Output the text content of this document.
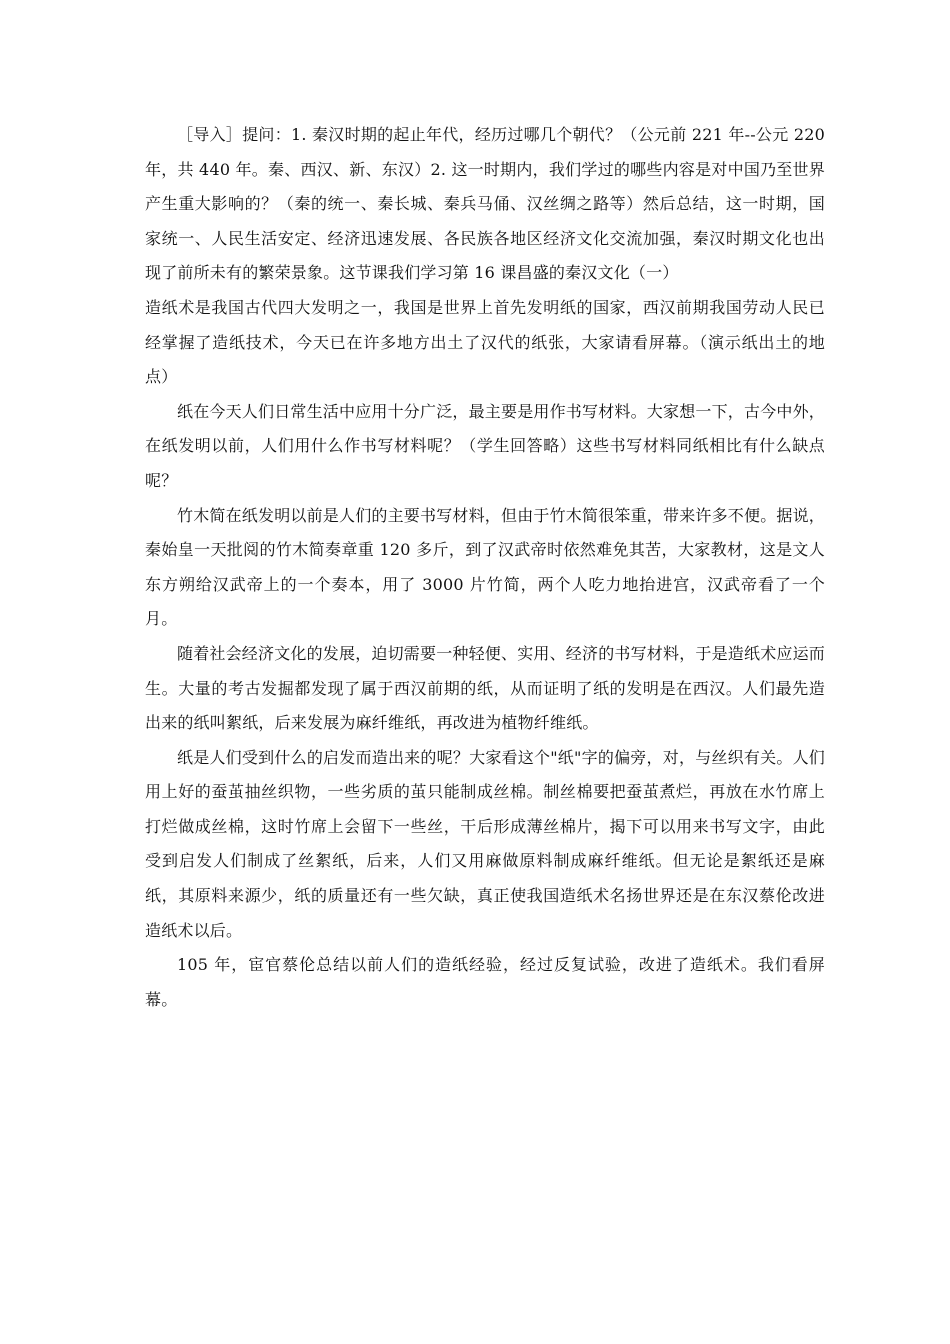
［导入］提问：1. 秦汉时期的起止年代，经历过哪几个朝代？（公元前 221 年--公元 220 年，共 440 年。秦、西汉、新、东汉）2. 这一时期内，我们学过的哪些内容是对中国乃至世界产生重大影响的？（秦的统一、秦长城、秦兵马俑、汉丝绸之路等）然后总结，这一时期，国家统一、人民生活安定、经济迅速发展、各民族各地区经济文化交流加强，秦汉时期文化也出现了前所未有的繁荣景象。这节课我们学习第 16 课昌盛的秦汉文化（一）

造纸术是我国古代四大发明之一，我国是世界上首先发明纸的国家，西汉前期我国劳动人民已经掌握了造纸技术，今天已在许多地方出土了汉代的纸张，大家请看屏幕。（演示纸出土的地点）

纸在今天人们日常生活中应用十分广泛，最主要是用作书写材料。大家想一下，古今中外，在纸发明以前，人们用什么作书写材料呢？（学生回答略）这些书写材料同纸相比有什么缺点呢？

竹木简在纸发明以前是人们的主要书写材料，但由于竹木简很笨重，带来许多不便。据说，秦始皇一天批阅的竹木简奏章重 120 多斤，到了汉武帝时依然难免其苦，大家教材，这是文人东方朔给汉武帝上的一个奏本，用了 3000 片竹简，两个人吃力地抬进宫，汉武帝看了一个月。

随着社会经济文化的发展，迫切需要一种轻便、实用、经济的书写材料，于是造纸术应运而生。大量的考古发掘都发现了属于西汉前期的纸，从而证明了纸的发明是在西汉。人们最先造出来的纸叫絮纸，后来发展为麻纤维纸，再改进为植物纤维纸。

纸是人们受到什么的启发而造出来的呢？大家看这个"纸"字的偏旁，对，与丝织有关。人们用上好的蚕茧抽丝织物，一些劣质的茧只能制成丝棉。制丝棉要把蚕茧煮烂，再放在水竹席上打烂做成丝棉，这时竹席上会留下一些丝，干后形成薄丝棉片，揭下可以用来书写文字，由此受到启发人们制成了丝絮纸，后来，人们又用麻做原料制成麻纤维纸。但无论是絮纸还是麻纸，其原料来源少，纸的质量还有一些欠缺，真正使我国造纸术名扬世界还是在东汉蔡伦改进造纸术以后。

105 年，宦官蔡伦总结以前人们的造纸经验，经过反复试验，改进了造纸术。我们看屏幕。
